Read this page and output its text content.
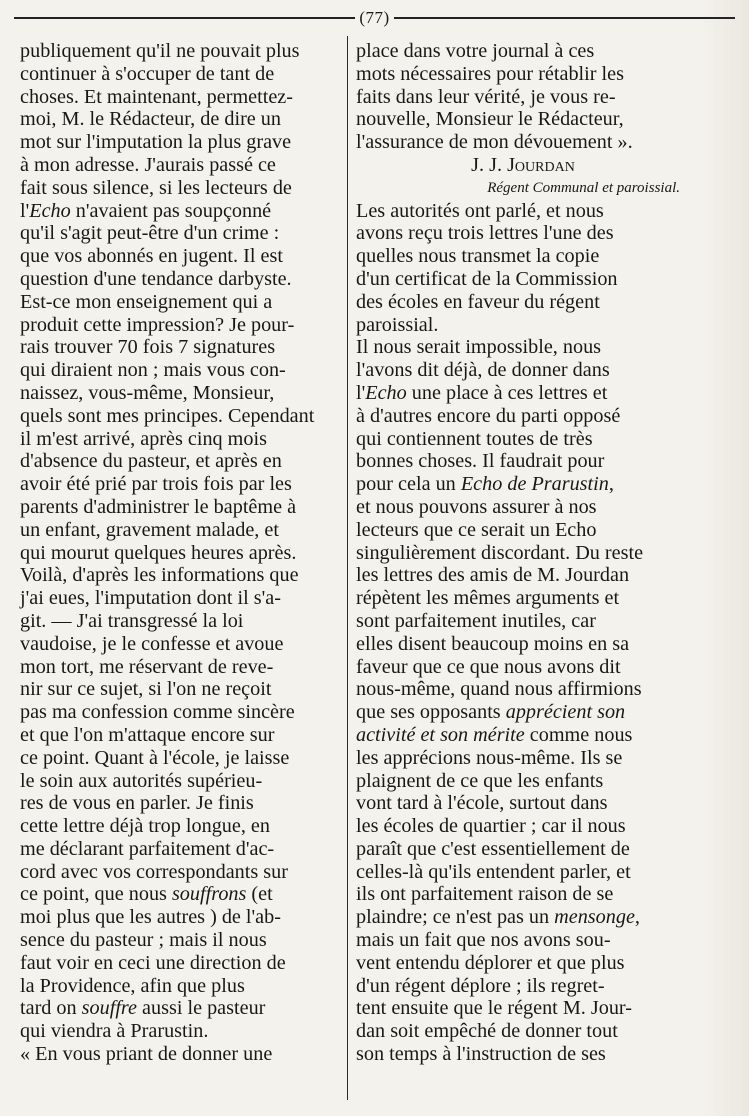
(77)
publiquement qu'il ne pouvait plus
continuer à s'occuper de tant de
choses. Et maintenant, permettez-
moi, M. le Rédacteur, de dire un
mot sur l'imputation la plus grave
à mon adresse. J'aurais passé ce
fait sous silence, si les lecteurs de
l'Echo n'avaient pas soupçonné
qu'il s'agit peut-être d'un crime :
que vos abonnés en jugent. Il est
question d'une tendance darbyste.
Est-ce mon enseignement qui a
produit cette impression? Je pour-
rais trouver 70 fois 7 signatures
qui diraient non ; mais vous con-
naissez, vous-même, Monsieur,
quels sont mes principes. Cependant
il m'est arrivé, après cinq mois
d'absence du pasteur, et après en
avoir été prié par trois fois par les
parents d'administrer le baptême à
un enfant, gravement malade, et
qui mourut quelques heures après.
Voilà, d'après les informations que
j'ai eues, l'imputation dont il s'a-
git. — J'ai transgressé la loi
vaudoise, je le confesse et avoue
mon tort, me réservant de reve-
nir sur ce sujet, si l'on ne reçoit
pas ma confession comme sincère
et que l'on m'attaque encore sur
ce point. Quant à l'école, je laisse
le soin aux autorités supérieu-
res de vous en parler. Je finis
cette lettre déjà trop longue, en
me déclarant parfaitement d'ac-
cord avec vos correspondants sur
ce point, que nous souffrons (et
moi plus que les autres ) de l'ab-
sence du pasteur ; mais il nous
faut voir en ceci une direction de
la Providence, afin que plus
tard on souffre aussi le pasteur
qui viendra à Prarustin.
« En vous priant de donner une
place dans votre journal à ces
mots nécessaires pour rétablir les
faits dans leur vérité, je vous re-
nouvelle, Monsieur le Rédacteur,
l'assurance de mon dévouement ».
J. J. Jourdan
Régent Communal et paroissial.
Les autorités ont parlé, et nous
avons reçu trois lettres l'une des
quelles nous transmet la copie
d'un certificat de la Commission
des écoles en faveur du régent
paroissial.
Il nous serait impossible, nous
l'avons dit déjà, de donner dans
l'Echo une place à ces lettres et
à d'autres encore du parti opposé
qui contiennent toutes de très
bonnes choses. Il faudrait pour
pour cela un Echo de Prarustin,
et nous pouvons assurer à nos
lecteurs que ce serait un Echo
singulièrement discordant. Du reste
les lettres des amis de M. Jourdan
répètent les mêmes arguments et
sont parfaitement inutiles, car
elles disent beaucoup moins en sa
faveur que ce que nous avons dit
nous-même, quand nous affirmions
que ses opposants apprécient son
activité et son mérite comme nous
les apprécions nous-même. Ils se
plaignent de ce que les enfants
vont tard à l'école, surtout dans
les écoles de quartier ; car il nous
paraît que c'est essentiellement de
celles-là qu'ils entendent parler, et
ils ont parfaitement raison de se
plaindre; ce n'est pas un mensonge,
mais un fait que nos avons sou-
vent entendu déplorer et que plus
d'un régent déplore ; ils regret-
tent ensuite que le régent M. Jour-
dan soit empêché de donner tout
son temps à l'instruction de ses
